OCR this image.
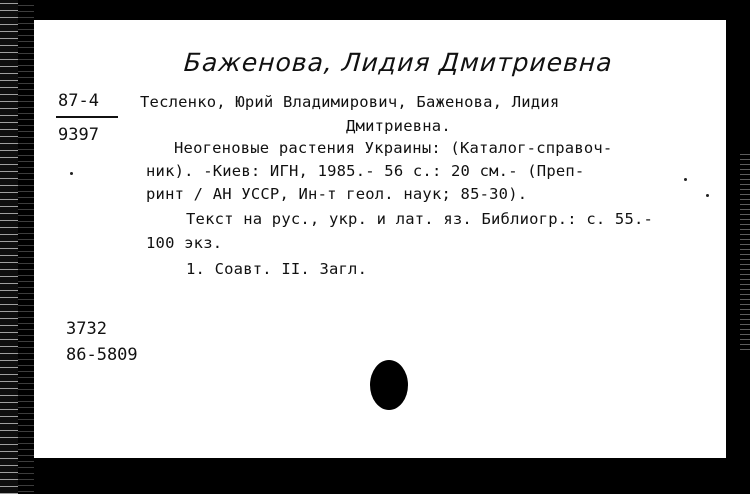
Баженова, Лидия Дмитриевна
87-4
9397
Тесленко, Юрий Владимирович, Баженова, Лидия
Дмитриевна.
Неогеновые растения Украины: (Каталог-справоч-
ник). -Киев: ИГН, 1985.- 56 с.: 20 см.- (Преп-
ринт / АН УССР, Ин-т геол. наук; 85-30).
Текст на рус., укр. и лат. яз. Библиогр.: с. 55.-
100 экз.
1. Соавт. II. Загл.
3732
86-5809
